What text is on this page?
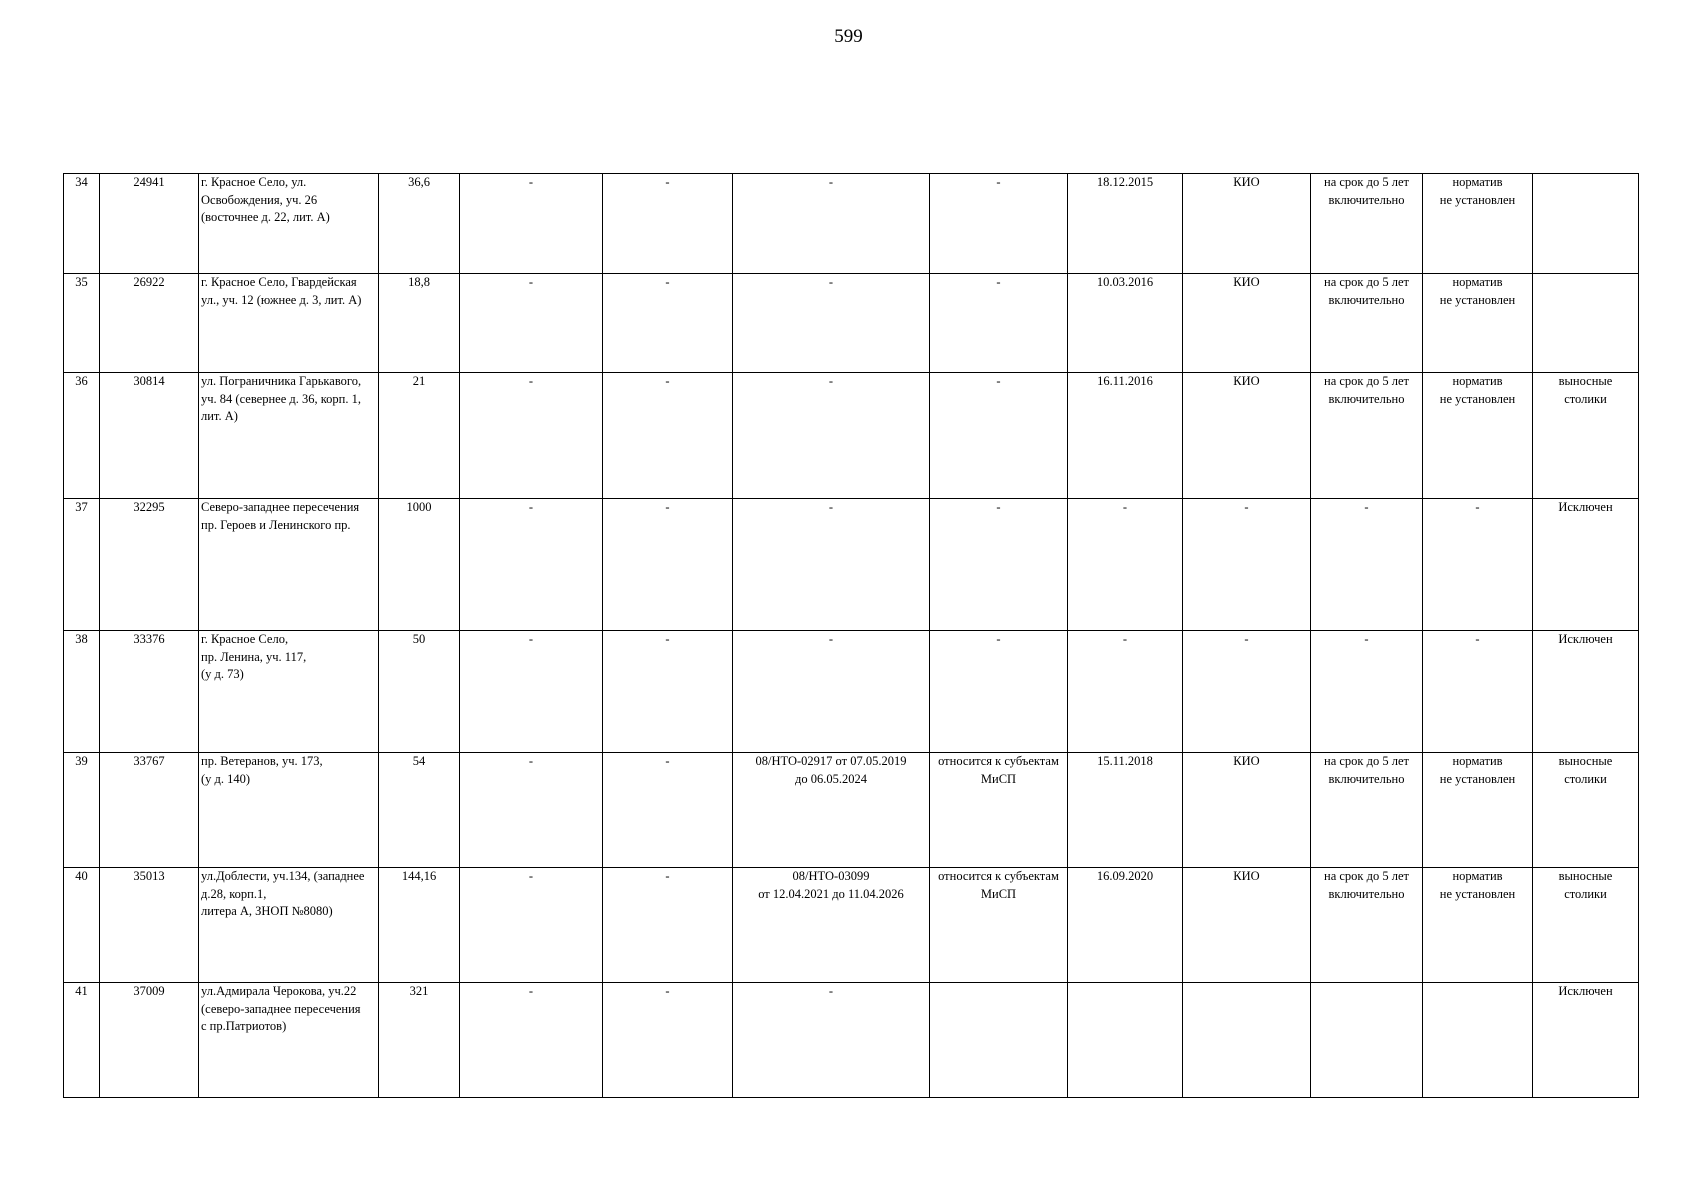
599
34	24941	г. Красное Село, ул.
Освобождения, уч. 26
(восточнее д. 22, лит. А)	36,6	-	-	-	-	18.12.2015	КИО	на срок до 5 лет
включительно	норматив
не установлен	
35	26922	г. Красное Село, Гвардейская
ул., уч. 12 (южнее д. 3, лит. А)	18,8	-	-	-	-	10.03.2016	КИО	на срок до 5 лет
включительно	норматив
не установлен	
36	30814	ул. Пограничника Гарькавого,
уч. 84 (севернее д. 36, корп. 1,
лит. А)	21	-	-	-	-	16.11.2016	КИО	на срок до 5 лет
включительно	норматив
не установлен	выносные
столики
37	32295	Северо-западнее пересечения
пр. Героев и Ленинского пр.	1000	-	-	-	-	-	-	-	-	Исключен
38	33376	г. Красное Село,
пр. Ленина, уч. 117,
(у д. 73)	50	-	-	-	-	-	-	-	-	Исключен
39	33767	пр. Ветеранов, уч. 173,
(у д. 140)	54	-	-	08/НТО-02917 от 07.05.2019
до 06.05.2024	относится к субъектам
МиСП	15.11.2018	КИО	на срок до 5 лет
включительно	норматив
не установлен	выносные
столики
40	35013	ул.Доблести, уч.134, (западнее
д.28, корп.1,
литера А, ЗНОП №8080)	144,16	-	-	08/НТО-03099
от 12.04.2021 до 11.04.2026	относится к субъектам
МиСП	16.09.2020	КИО	на срок до 5 лет
включительно	норматив
не установлен	выносные
столики
41	37009	ул.Адмирала Черокова, уч.22
(северо-западнее пересечения
с пр.Патриотов)	321	-	-	-						Исключен
